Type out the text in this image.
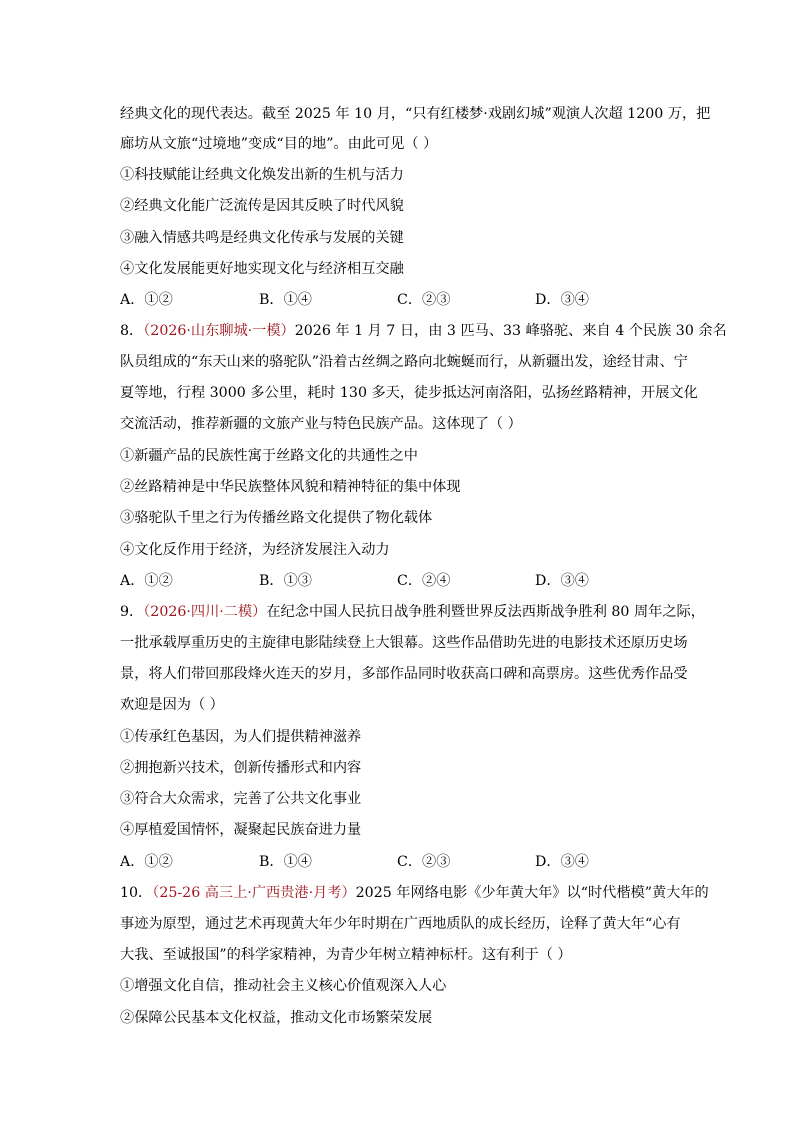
经典文化的现代表达。截至 2025 年 10 月，“只有红楼梦·戏剧幻城”观演人次超 1200 万，把
廊坊从文旅“过境地”变成“目的地”。由此可见（ ）
①科技赋能让经典文化焕发出新的生机与活力
②经典文化能广泛流传是因其反映了时代风貌
③融入情感共鸣是经典文化传承与发展的关键
④文化发展能更好地实现文化与经济相互交融
A．①②	B．①④	C．②③	D．③④
8．（2026·山东聊城·一模）2026 年 1 月 7 日，由 3 匹马、33 峰骆驼、来自 4 个民族 30 余名
队员组成的“东天山来的骆驼队”沿着古丝绸之路向北蜿蜒而行，从新疆出发，途经甘肃、宁
夏等地，行程 3000 多公里，耗时 130 多天，徒步抵达河南洛阳，弘扬丝路精神，开展文化
交流活动，推荐新疆的文旅产业与特色民族产品。这体现了（ ）
①新疆产品的民族性寓于丝路文化的共通性之中
②丝路精神是中华民族整体风貌和精神特征的集中体现
③骆驼队千里之行为传播丝路文化提供了物化载体
④文化反作用于经济，为经济发展注入动力
A．①②	B．①③	C．②④	D．③④
9．（2026·四川·二模）在纪念中国人民抗日战争胜利暨世界反法西斯战争胜利 80 周年之际，
一批承载厚重历史的主旋律电影陆续登上大银幕。这些作品借助先进的电影技术还原历史场
景，将人们带回那段烽火连天的岁月，多部作品同时收获高口碑和高票房。这些优秀作品受
欢迎是因为（ ）
①传承红色基因，为人们提供精神滋养
②拥抱新兴技术，创新传播形式和内容
③符合大众需求，完善了公共文化事业
④厚植爱国情怀，凝聚起民族奋进力量
A．①②	B．①④	C．②③	D．③④
10．（25-26 高三上·广西贵港·月考）2025 年网络电影《少年黄大年》以“时代楷模”黄大年的
事迹为原型，通过艺术再现黄大年少年时期在广西地质队的成长经历，诠释了黄大年“心有
大我、至诚报国”的科学家精神，为青少年树立精神标杆。这有利于（ ）
①增强文化自信，推动社会主义核心价值观深入人心
②保障公民基本文化权益，推动文化市场繁荣发展
